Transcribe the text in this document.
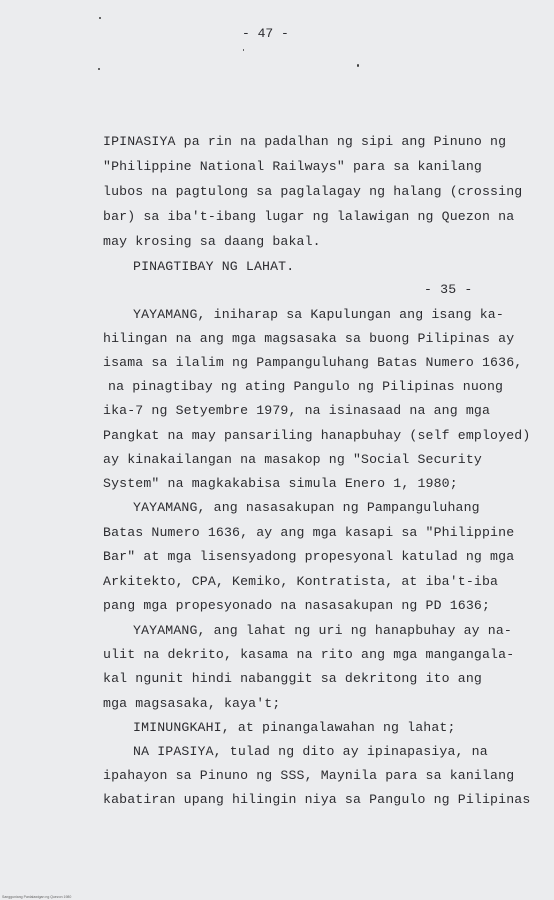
- 47 -
IPINASIYA pa rin na padalhan ng sipi ang Pinuno ng
"Philippine National Railways" para sa kanilang
lubos na pagtulong sa paglalagay ng halang (crossing
bar) sa iba't-ibang lugar ng lalawigan ng Quezon na
may krosing sa daang bakal.
PINAGTIBAY NG LAHAT.
- 35 -
YAYAMANG, iniharap sa Kapulungan ang isang ka-
hilingan na ang mga magsasaka sa buong Pilipinas ay
isama sa ilalim ng Pampanguluhang Batas Numero 1636,
na pinagtibay ng ating Pangulo ng Pilipinas nuong
ika-7 ng Setyembre 1979, na isinasaad na ang mga
Pangkat na may pansariling hanapbuhay (self employed)
ay kinakailangan na masakop ng "Social Security
System" na magkakabisa simula Enero 1, 1980;
YAYAMANG, ang nasasakupan ng Pampanguluhang
Batas Numero 1636, ay ang mga kasapi sa "Philippine
Bar" at mga lisensyadong propesyonal katulad ng mga
Arkitekto, CPA, Kemiko, Kontratista, at iba't-iba
pang mga propesyonado na nasasakupan ng PD 1636;
YAYAMANG, ang lahat ng uri ng hanapbuhay ay na-
ulit na dekrito, kasama na rito ang mga mangangala-
kal ngunit hindi nabanggit sa dekritong ito ang
mga magsasaka, kaya't;
IMINUNGKAHI, at pinangalawahan ng lahat;
NA IPASIYA, tulad ng dito ay ipinapasiya, na
ipahayon sa Pinuno ng SSS, Maynila para sa kanilang
kabatiran upang hilingin niya sa Pangulo ng Pilipinas
Sangguniang Panlalawigan ng Quezon 1980
